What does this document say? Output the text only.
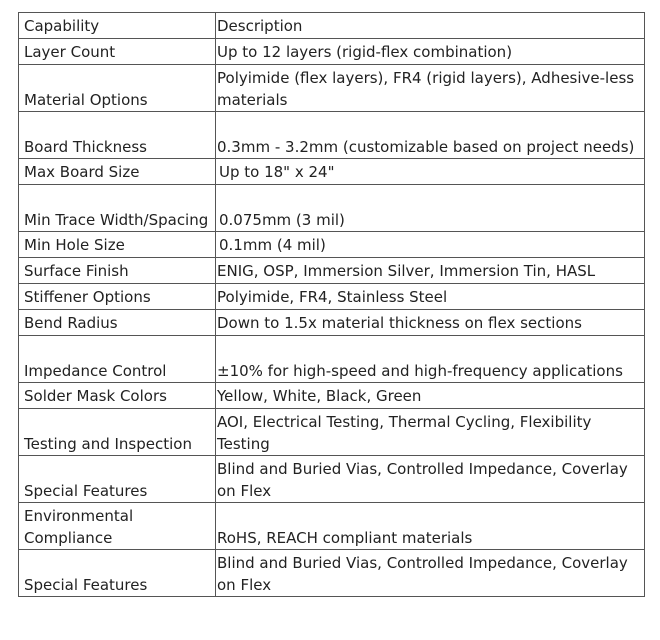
Capability	Description
Layer Count	Up to 12 layers (rigid-flex combination)
Material Options	Polyimide (flex layers), FR4 (rigid layers), Adhesive-less materials
Board Thickness	0.3mm - 3.2mm (customizable based on project needs)
Max Board Size	Up to 18" x 24"
Min Trace Width/Spacing	0.075mm (3 mil)
Min Hole Size	0.1mm (4 mil)
Surface Finish	ENIG, OSP, Immersion Silver, Immersion Tin, HASL
Stiffener Options	Polyimide, FR4, Stainless Steel
Bend Radius	Down to 1.5x material thickness on flex sections
Impedance Control	±10% for high-speed and high-frequency applications
Solder Mask Colors	Yellow, White, Black, Green
Testing and Inspection	AOI, Electrical Testing, Thermal Cycling, Flexibility Testing
Special Features	Blind and Buried Vias, Controlled Impedance, Coverlay on Flex
Environmental Compliance	RoHS, REACH compliant materials
Special Features	Blind and Buried Vias, Controlled Impedance, Coverlay on Flex
